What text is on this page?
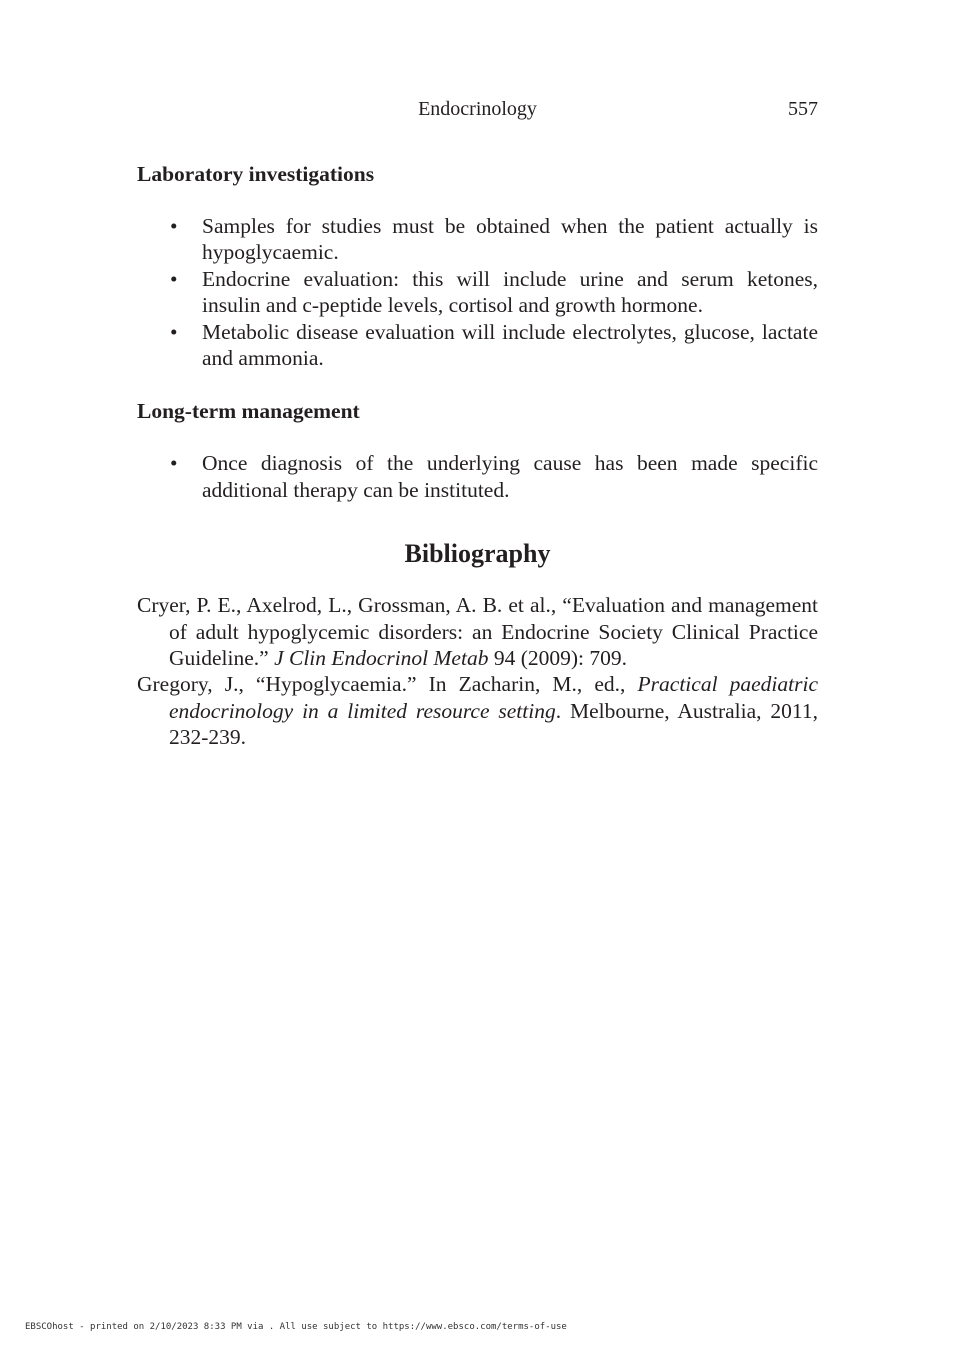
Endocrinology	557
Laboratory investigations
• Samples for studies must be obtained when the patient actually is hypoglycaemic.
• Endocrine evaluation: this will include urine and serum ketones, insulin and c-peptide levels, cortisol and growth hormone.
• Metabolic disease evaluation will include electrolytes, glucose, lactate and ammonia.
Long-term management
• Once diagnosis of the underlying cause has been made specific additional therapy can be instituted.
Bibliography
Cryer, P. E., Axelrod, L., Grossman, A. B. et al., “Evaluation and management of adult hypoglycemic disorders: an Endocrine Society Clinical Practice Guideline.” J Clin Endocrinol Metab 94 (2009): 709.
Gregory, J., “Hypoglycaemia.” In Zacharin, M., ed., Practical paediatric endocrinology in a limited resource setting. Melbourne, Australia, 2011, 232-239.
EBSCOhost - printed on 2/10/2023 8:33 PM via . All use subject to https://www.ebsco.com/terms-of-use
